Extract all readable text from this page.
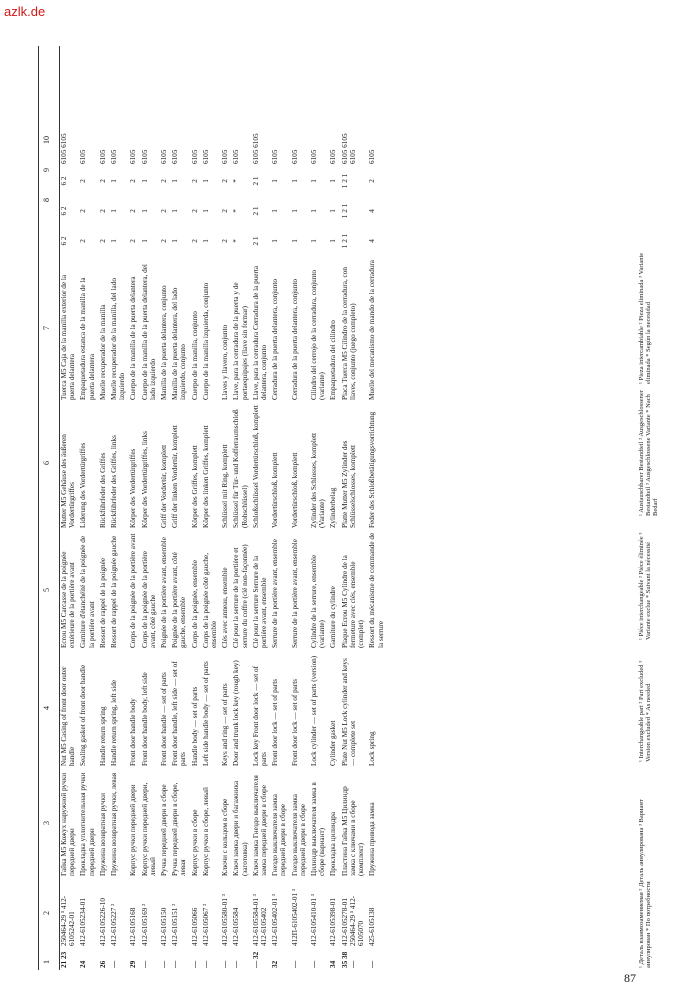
azlk.de
1
2
3
4
5
6
7
8
9
10
21 23
250464-29 ¹ 412-6105242-01
Гайка М5 Кожух наружной ручки передней двери
Nut M5 Casing of front door outer handle
Ecrou M5 Carcasse de la poignée extérieure de la portière avant
Mutter M5 Gehäuse des äußeren Vordertürgriffes
Tuerca M5 Caja de la manilla exterior de la puerta delantera
6 2
6 2
6 2
6105 6105
24
412-6105234-01
Прокладка уплотнительная ручки передней двери
Sealing gasket of front door handle
Garniture d'étanchéité de la poignée de la portière avant
Liderung des Vordertürgriffes
Empaquetadura estanca de la manilla de la puerta delantera
2
2
2
6105
26
412-6105226-10
Пружина возвратная ручки
Handle return spring
Ressort de rappel de la poignée
Rückführfeder des Griffes
Muelle recuperador de la manilla
2
2
2
6105
—
412-6105227 ²
Пружина возвратная ручки, левая
Handle return spring, left side
Ressort de rappel de la poignée gauche
Rückführfeder des Griffes, links
Muelle recuperador de la manilla, del lado izquierdo
1
1
1
6105
29
412-6105168
Корпус ручки передней двери
Front door handle body
Corps de la poignée de la portière avant
Körper des Vordertürgriffes
Cuerpo de la manilla de la puerta delantera
2
2
2
6105
—
412-6105169 ²
Корпус ручки передней двери, левый
Front door handle body, left side
Corps de la poignée de la portière avant, côté gauche
Körper des Vordertürgriffes, links
Cuerpo de la manilla de la puerta delantera, del lado izquierdo
1
1
1
6105
—
412-6105150
Ручка передней двери в сборе
Front door handle — set of parts
Poignée de la portière avant, ensemble
Griff der Vordertür, komplett
Manilla de la puerta delantera, conjunto
2
2
2
6105
—
412-6105151 ²
Ручка передней двери в сборе, левая
Front door handle, left side — set of parts
Poignée de la portière avant, côté gauche, ensemble
Griff der linken Vordertür, komplett
Manilla de la puerta delantera, del lado izquierdo, conjunto
1
1
1
6105
—
412-6105066
Корпус ручки в сборе
Handle body — set of parts
Corps de la poignée, ensemble
Körper des Griffes, komplett
Cuerpo de la manilla, conjunto
2
2
2
6105
—
412-6105067 ²
Корпус ручки в сборе, левый
Left side handle body — set of parts
Corps de la poignée côté gauche, ensemble
Körper des linken Griffes, komplett
Cuerpo de la manilla izquierda, conjunto
1
1
1
6105
—
412-6105580-01 ³
Ключи с кольцом в сборе
Keys and ring — set of parts
Clés avec anneau, ensemble
Schlüssel mit Ring, komplett
Llaves y llavero, conjunto
2
2
2
6105
—
412-6105584
Ключ замка двери и багажника (заготовка)
Door and trunk lock key (rough key)
Clé pour la serrure de la portière et serrure du coffre (clé non-façonnée)
Schlüssel für Tür- und Kofferraumschloß (Rohschlüssel)
Llave, para la cerradura de la puerta y de portaequipajes (llave sin formar)
*
*
*
6105
— 32
412-6105584-01 ³ 412-6105402
Ключ замка Гнездо выключателя замка передней двери в сборе
Lock key Front door lock — set of parts
Clé pour la serrure Serrure de la portière avant, ensemble
Schloßschlüssel Vordertürschloß, komplett
Llave, para la cerradura Cerradura de la puerta delantera, conjunto
2 1
2 1
2 1
6105 6105
32
412-6105402-01 ³
Гнездо выключателя замка передней двери в сборе
Front door lock — set of parts
Serrure de la portière avant, ensemble
Vordertürschloß, komplett
Cerradura de la puerta delantera, conjunto
1
1
1
6105
—
412П-6105402-01 ³
Гнездо выключателя замка передней двери в сборе
Front door lock — set of parts
Serrure de la portière avant, ensemble
Vordertürschloß, komplett
Cerradura de la puerta delantera, conjunto
1
1
1
6105
—
412-6105410-01 ³
Цилиндр выключателя замка в сборе (вариант)
Lock cylinder — set of parts (version)
Cylindre de la serrure, ensemble (variante)
Zylinder des Schlosses, komplett (Variante)
Cilindro del cerrojo de la cerradura, conjunto (variante)
1
1
1
6105
34
412-6105398-01
Прокладка цилиндра
Cylinder gasket
Garniture du cylindre
Zylinderbelag
Empaquetadura del cilindro
1
1
1
6105
35 38 —
412-6105278-01 250464-29 ¹ 412-6105070
Пластина Гайка М5 Цилиндр замка с ключами в сборе (комплект)
Plate Nut M5 Lock cylinder and keys — complete set
Plaque Ecrou M5 Cylindre de la fermeture avec clés, ensemble (complet)
Platte Mutter M5 Zylinder des Schlüsselschlosses, komplett
Placa Tuerca M5 Cilindro de la cerradura, con llaves, conjunto (juego completo)
1 2 1
1 2 1
1 2 1
6105 6105 6105
—
425-6105138
Пружина привода замка
Lock spring
Ressort du mécanisme de commande de la serrure
Feder des Schloßbetätigungsvorrichtung
Muelle del mecanismo de mando de la cerradura
4
4
2
6105
¹ Деталь взаимозаменяемая ² Деталь аннулирована ³ Вариант аннулирован * По потребности
¹ Interchangeable part ² Part excluded ³ Version excluded * As needed
¹ Pièce interchangeable ² Pièce éliminée ³ Variante exclue * Suivant la nécessité
¹ Austauschbarer Bestandteil ² Ausgeschlossener Bestandteil ³ Ausgeschlossene Variante * Nach Bedarf
¹ Pieza intercambiable ² Pieza eliminada ³ Variante eliminada * Según la necesidad
87
